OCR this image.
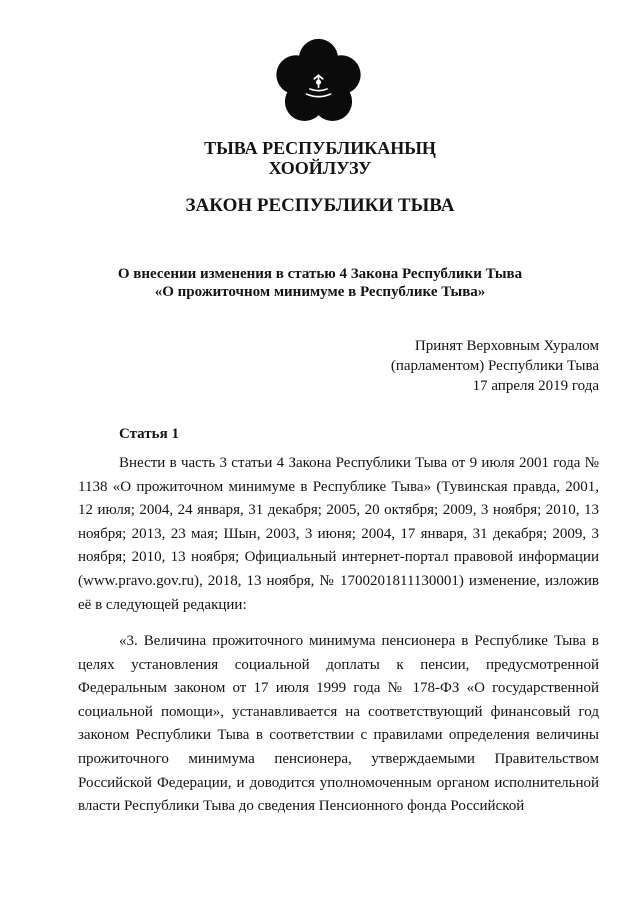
ТЫВА РЕСПУБЛИКАНЫҢ
ХООЙЛУЗУ
ЗАКОН РЕСПУБЛИКИ ТЫВА
О внесении изменения в статью 4 Закона Республики Тыва
«О прожиточном минимуме в Республике Тыва»
Принят Верховным Хуралом
(парламентом) Республики Тыва
17 апреля 2019 года
Статья 1

Внести в часть 3 статьи 4 Закона Республики Тыва от 9 июля 2001 года № 1138 «О прожиточном минимуме в Республике Тыва» (Тувинская правда, 2001, 12 июля; 2004, 24 января, 31 декабря; 2005, 20 октября; 2009, 3 ноября; 2010, 13 ноября; 2013, 23 мая; Шын, 2003, 3 июня; 2004, 17 января, 31 декабря; 2009, 3 ноября; 2010, 13 ноября; Официальный интернет-портал правовой информации (www.pravo.gov.ru), 2018, 13 ноября, № 1700201811130001) изменение, изложив её в следующей редакции:

«3. Величина прожиточного минимума пенсионера в Республике Тыва в целях установления социальной доплаты к пенсии, предусмотренной Федеральным законом от 17 июля 1999 года № 178-ФЗ «О государственной социальной помощи», устанавливается на соответствующий финансовый год законом Республики Тыва в соответствии с правилами определения величины прожиточного минимума пенсионера, утверждаемыми Правительством Российской Федерации, и доводится уполномоченным органом исполнительной власти Республики Тыва до сведения Пенсионного фонда Российской
